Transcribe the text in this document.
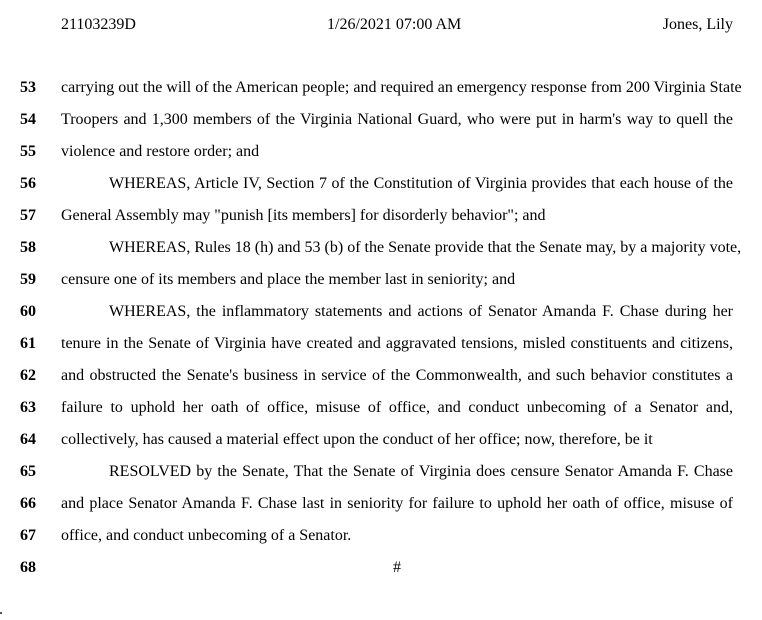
21103239D	1/26/2021 07:00 AM	Jones, Lily
53 carrying out the will of the American people; and required an emergency response from 200 Virginia State
54 Troopers and 1,300 members of the Virginia National Guard, who were put in harm's way to quell the
55 violence and restore order; and
56	WHEREAS, Article IV, Section 7 of the Constitution of Virginia provides that each house of the
57 General Assembly may "punish [its members] for disorderly behavior"; and
58	WHEREAS, Rules 18 (h) and 53 (b) of the Senate provide that the Senate may, by a majority vote,
59 censure one of its members and place the member last in seniority; and
60	WHEREAS, the inflammatory statements and actions of Senator Amanda F. Chase during her
61 tenure in the Senate of Virginia have created and aggravated tensions, misled constituents and citizens,
62 and obstructed the Senate's business in service of the Commonwealth, and such behavior constitutes a
63 failure to uphold her oath of office, misuse of office, and conduct unbecoming of a Senator and,
64 collectively, has caused a material effect upon the conduct of her office; now, therefore, be it
65	RESOLVED by the Senate, That the Senate of Virginia does censure Senator Amanda F. Chase
66 and place Senator Amanda F. Chase last in seniority for failure to uphold her oath of office, misuse of
67 office, and conduct unbecoming of a Senator.
68	#
